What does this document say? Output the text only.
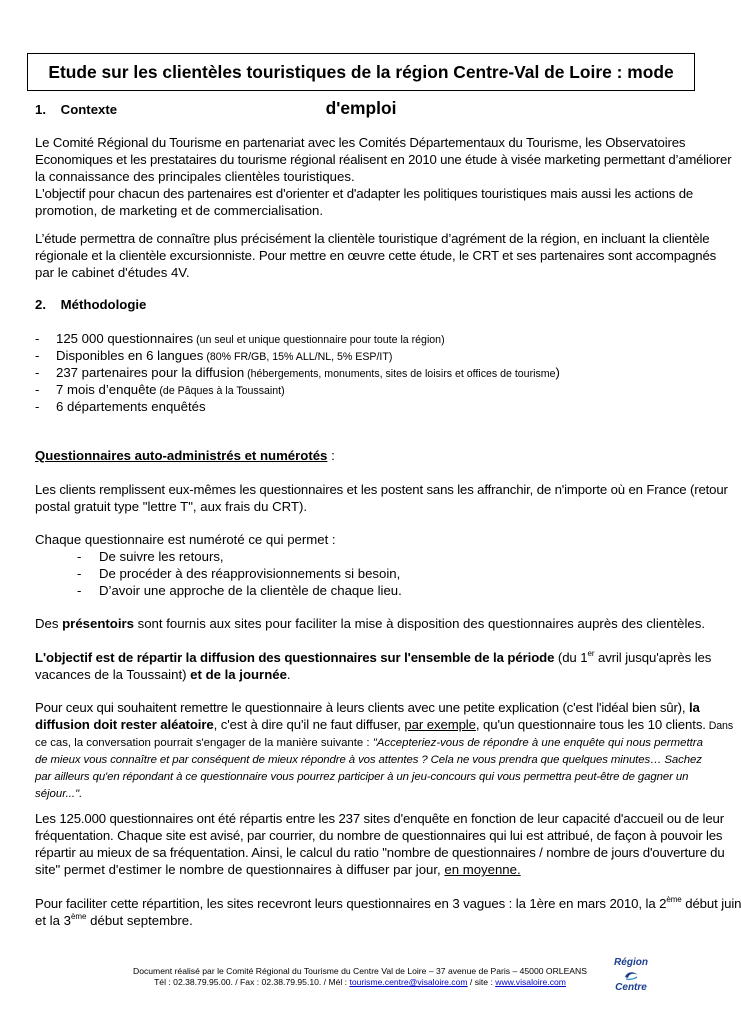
Etude sur les clientèles touristiques de la région Centre-Val de Loire : mode d'emploi
1. Contexte
Le Comité Régional du Tourisme en partenariat avec les Comités Départementaux du Tourisme, les Observatoires
Economiques et les prestataires du tourisme régional réalisent en 2010 une étude à visée marketing permettant d’améliorer
la connaissance des principales clientèles touristiques.
L'objectif pour chacun des partenaires est d'orienter et d'adapter les politiques touristiques mais aussi les actions de
promotion, de marketing et de commercialisation.
L’étude permettra de connaître plus précisément la clientèle touristique d’agrément de la région, en incluant la clientèle
régionale et la clientèle excursionniste. Pour mettre en œuvre cette étude, le CRT et ses partenaires sont accompagnés
par le cabinet d'études 4V.
2. Méthodologie
- 125 000 questionnaires (un seul et unique questionnaire pour toute la région)
- Disponibles en 6 langues (80% FR/GB, 15% ALL/NL, 5% ESP/IT)
- 237 partenaires pour la diffusion (hébergements, monuments, sites de loisirs et offices de tourisme)
- 7 mois d’enquête (de Pâques à la Toussaint)
- 6 départements enquêtés
Questionnaires auto-administrés et numérotés :
Les clients remplissent eux-mêmes les questionnaires et les postent sans les affranchir, de n'importe où en France (retour
postal gratuit type "lettre T", aux frais du CRT).
Chaque questionnaire est numéroté ce qui permet :
- De suivre les retours,
- De procéder à des réapprovisionnements si besoin,
- D’avoir une approche de la clientèle de chaque lieu.
Des présentoirs sont fournis aux sites pour faciliter la mise à disposition des questionnaires auprès des clientèles.
L'objectif est de répartir la diffusion des questionnaires sur l'ensemble de la période (du 1er avril jusqu'après les
vacances de la Toussaint) et de la journée.
Pour ceux qui souhaitent remettre le questionnaire à leurs clients avec une petite explication (c'est l'idéal bien sûr), la
diffusion doit rester aléatoire, c'est à dire qu'il ne faut diffuser, par exemple, qu'un questionnaire tous les 10 clients. Dans
ce cas, la conversation pourrait s'engager de la manière suivante : "Accepteriez-vous de répondre à une enquête qui nous permettra
de mieux vous connaître et par conséquent de mieux répondre à vos attentes ? Cela ne vous prendra que quelques minutes… Sachez
par ailleurs qu'en répondant à ce questionnaire vous pourrez participer à un jeu-concours qui vous permettra peut-être de gagner un
séjour...".
Les 125.000 questionnaires ont été répartis entre les 237 sites d'enquête en fonction de leur capacité d'accueil ou de leur
fréquentation. Chaque site est avisé, par courrier, du nombre de questionnaires qui lui est attribué, de façon à pouvoir les
répartir au mieux de sa fréquentation. Ainsi, le calcul du ratio "nombre de questionnaires / nombre de jours d'ouverture du
site" permet d'estimer le nombre de questionnaires à diffuser par jour, en moyenne.
Pour faciliter cette répartition, les sites recevront leurs questionnaires en 3 vagues : la 1ère en mars 2010, la 2ème début juin
et la 3ème début septembre.
Document réalisé par le Comité Régional du Tourisme du Centre Val de Loire – 37 avenue de Paris – 45000 ORLEANS
Tél : 02.38.79.95.00. / Fax : 02.38.79.95.10. / Mél : tourisme.centre@visaloire.com / site : www.visaloire.com
Région
Centre
